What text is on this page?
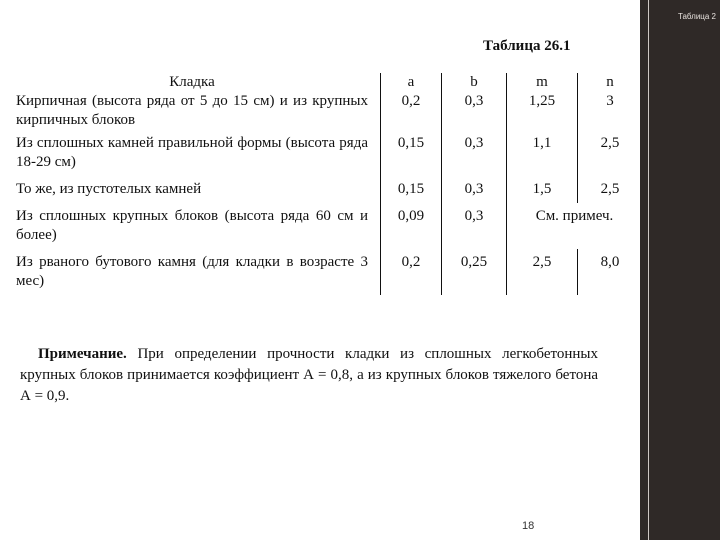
Таблица 2
Таблица 26.1
Кладка	a	b	m	n
Кирпичная (высота ряда от 5 до 15 см) и из крупных кирпичных блоков	0,2	0,3	1,25	3
Из сплошных камней правильной формы (высота ряда 18-29 см)	0,15	0,3	1,1	2,5
То же, из пустотелых камней	0,15	0,3	1,5	2,5
Из сплошных крупных блоков (высота ряда 60 см и более)	0,09	0,3	См. примеч.	
Из рваного бутового камня (для кладки в возрасте 3 мес)	0,2	0,25	2,5	8,0
Примечание. При определении прочности кладки из сплошных легкобетонных крупных блоков принимается коэффициент А = 0,8, а из крупных блоков тяжелого бетона А = 0,9.
18
